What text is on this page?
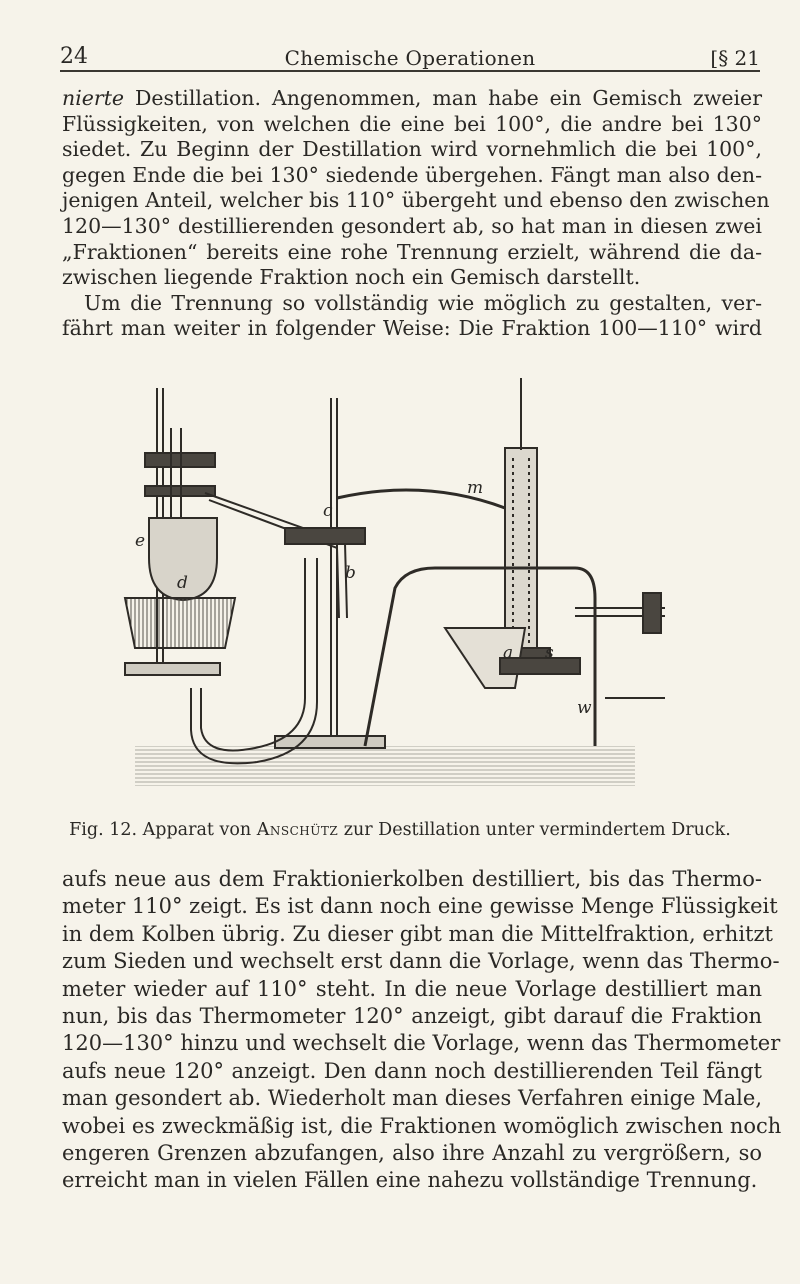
24	Chemische Operationen	[§ 21
nierte Destillation. Angenommen, man habe ein Gemisch zweier
Flüssigkeiten, von welchen die eine bei 100°, die andre bei 130°
siedet. Zu Beginn der Destillation wird vornehmlich die bei 100°,
gegen Ende die bei 130° siedende übergehen. Fängt man also den-
jenigen Anteil, welcher bis 110° übergeht und ebenso den zwischen
120—130° destillierenden gesondert ab, so hat man in diesen zwei
„Fraktionen“ bereits eine rohe Trennung erzielt, während die da-
zwischen liegende Fraktion noch ein Gemisch darstellt.
Um die Trennung so vollständig wie möglich zu gestalten, ver-
fährt man weiter in folgender Weise: Die Fraktion 100—110° wird
m
c
e
d	b
a s
w
Fig. 12. Apparat von Anschütz zur Destillation unter vermindertem Druck.
aufs neue aus dem Fraktionierkolben destilliert, bis das Thermo-
meter 110° zeigt. Es ist dann noch eine gewisse Menge Flüssigkeit
in dem Kolben übrig. Zu dieser gibt man die Mittelfraktion, erhitzt
zum Sieden und wechselt erst dann die Vorlage, wenn das Thermo-
meter wieder auf 110° steht. In die neue Vorlage destilliert man
nun, bis das Thermometer 120° anzeigt, gibt darauf die Fraktion
120—130° hinzu und wechselt die Vorlage, wenn das Thermometer
aufs neue 120° anzeigt. Den dann noch destillierenden Teil fängt
man gesondert ab. Wiederholt man dieses Verfahren einige Male,
wobei es zweckmäßig ist, die Fraktionen womöglich zwischen noch
engeren Grenzen abzufangen, also ihre Anzahl zu vergrößern, so
erreicht man in vielen Fällen eine nahezu vollständige Trennung.
